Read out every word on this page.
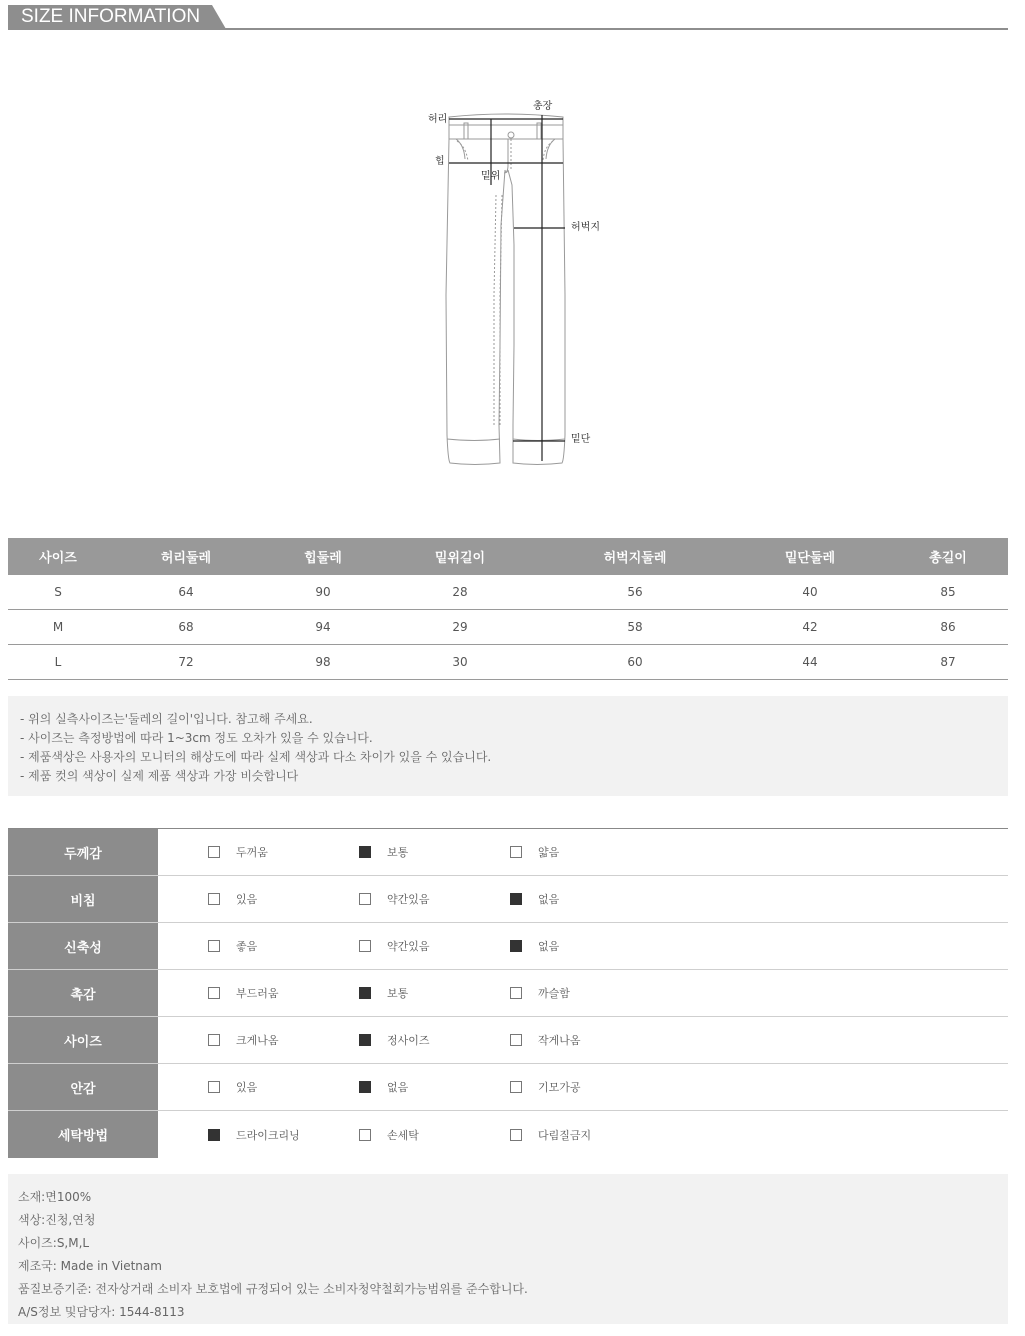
SIZE INFORMATION
허리
총장
힙
밑위
허벅지
밑단
사이즈	허리둘레	힙둘레	밑위길이	허벅지둘레	밑단둘레	총길이
S	64	90	28	56	40	85
M	68	94	29	58	42	86
L	72	98	30	60	44	87
- 위의 실측사이즈는'둘레의 길이'입니다. 참고해 주세요.
- 사이즈는 측정방법에 따라 1~3cm 정도 오차가 있을 수 있습니다.
- 제품색상은 사용자의 모니터의 해상도에 따라 실제 색상과 다소 차이가 있을 수 있습니다.
- 제품 컷의 색상이 실제 제품 색상과 가장 비슷합니다
두께감	두꺼움	보통	얇음
비침	있음	약간있음	없음
신축성	좋음	약간있음	없음
촉감	부드러움	보통	까슬함
사이즈	크게나옴	정사이즈	작게나옴
안감	있음	없음	기모가공
세탁방법	드라이크리닝	손세탁	다림질금지
소재:면100%
색상:진청,연청
사이즈:S,M,L
제조국: Made in Vietnam
품질보증기준: 전자상거래 소비자 보호법에 규정되어 있는 소비자청약철회가능범위를 준수합니다.
A/S정보 및담당자: 1544-8113
